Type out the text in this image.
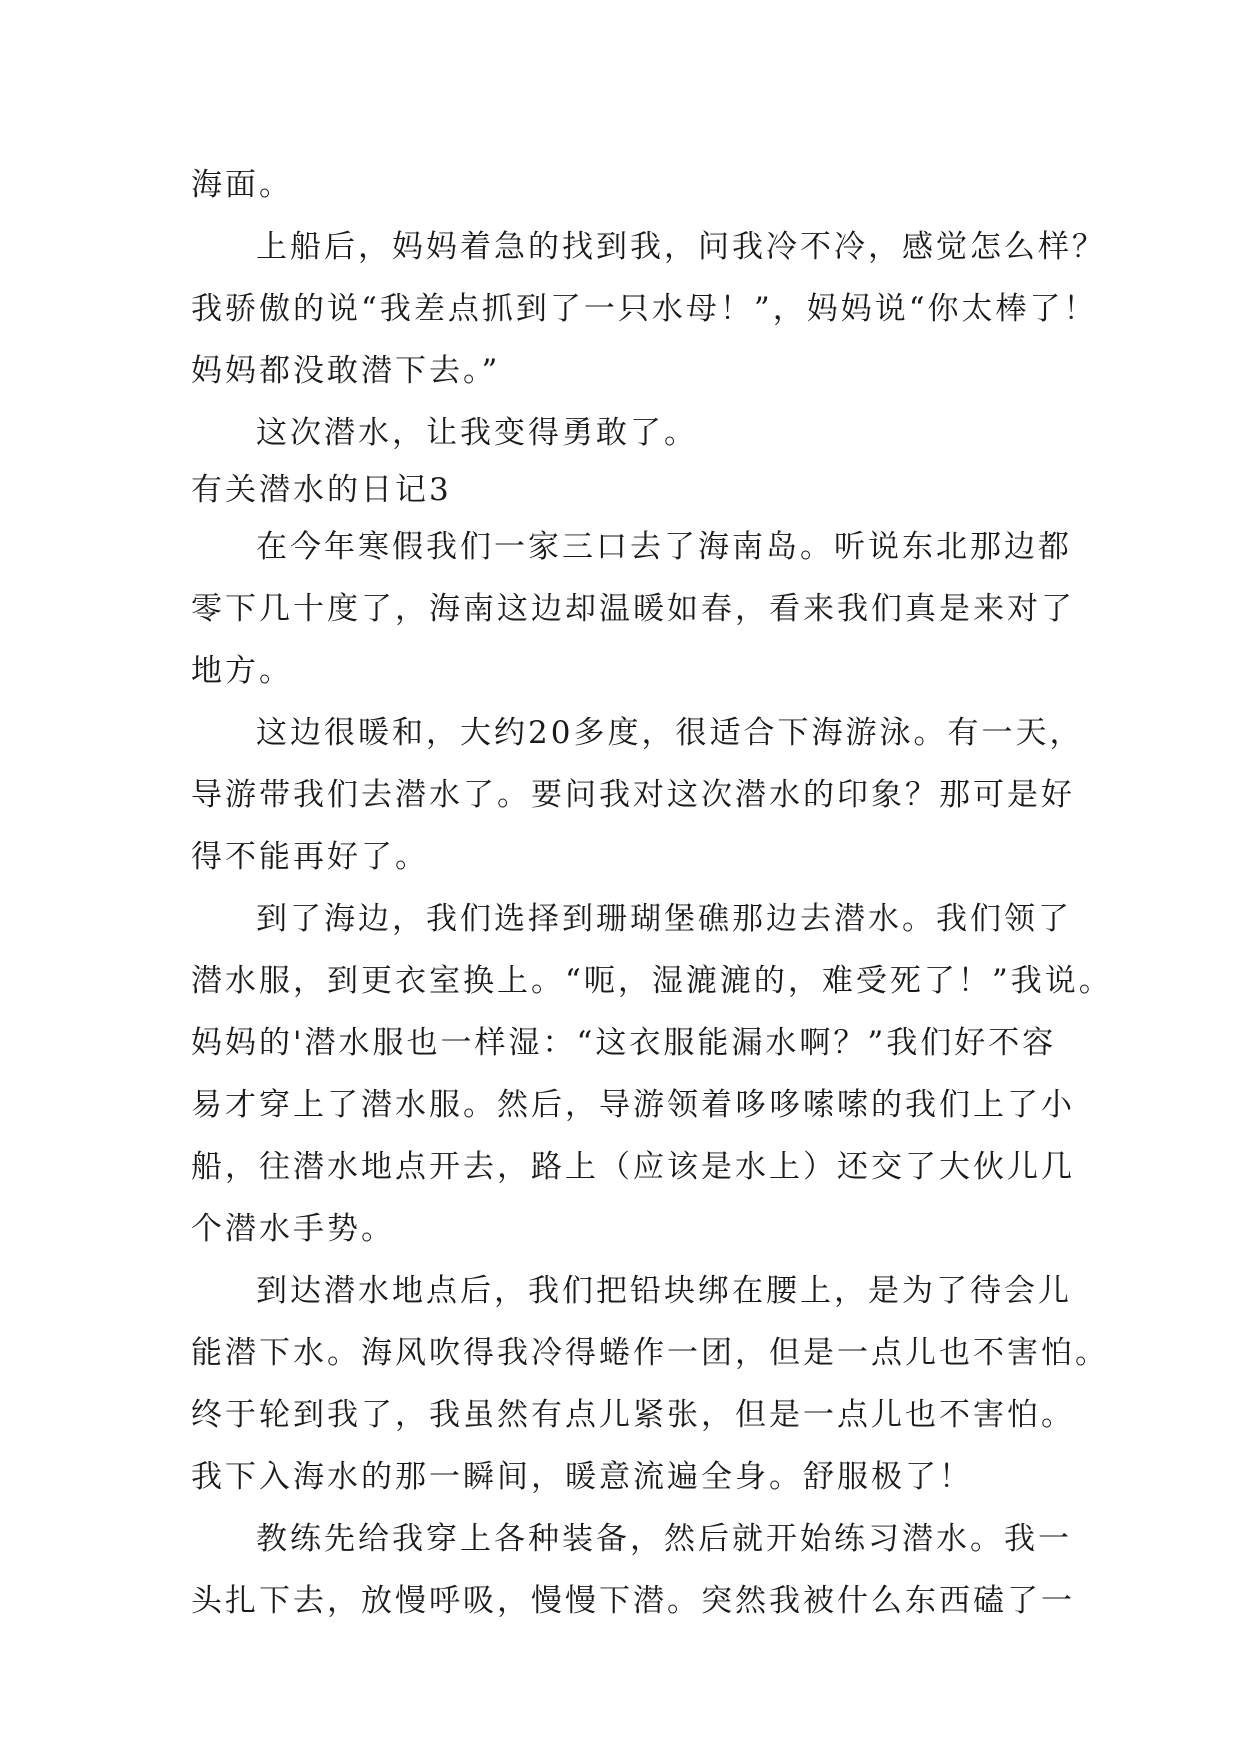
海面。
上船后，妈妈着急的找到我，问我冷不冷，感觉怎么样？
我骄傲的说“我差点抓到了一只水母！”，妈妈说“你太棒了！
妈妈都没敢潜下去。”
这次潜水，让我变得勇敢了。
有关潜水的日记3
在今年寒假我们一家三口去了海南岛。听说东北那边都
零下几十度了，海南这边却温暖如春，看来我们真是来对了
地方。
这边很暖和，大约20多度，很适合下海游泳。有一天，
导游带我们去潜水了。要问我对这次潜水的印象？那可是好
得不能再好了。
到了海边，我们选择到珊瑚堡礁那边去潜水。我们领了
潜水服，到更衣室换上。“呃，湿漉漉的，难受死了！”我说。
妈妈的'潜水服也一样湿：“这衣服能漏水啊？”我们好不容
易才穿上了潜水服。然后，导游领着哆哆嗦嗦的我们上了小
船，往潜水地点开去，路上（应该是水上）还交了大伙儿几
个潜水手势。
到达潜水地点后，我们把铅块绑在腰上，是为了待会儿
能潜下水。海风吹得我冷得蜷作一团，但是一点儿也不害怕。
终于轮到我了，我虽然有点儿紧张，但是一点儿也不害怕。
我下入海水的那一瞬间，暖意流遍全身。舒服极了！
教练先给我穿上各种装备，然后就开始练习潜水。我一
头扎下去，放慢呼吸，慢慢下潜。突然我被什么东西磕了一
